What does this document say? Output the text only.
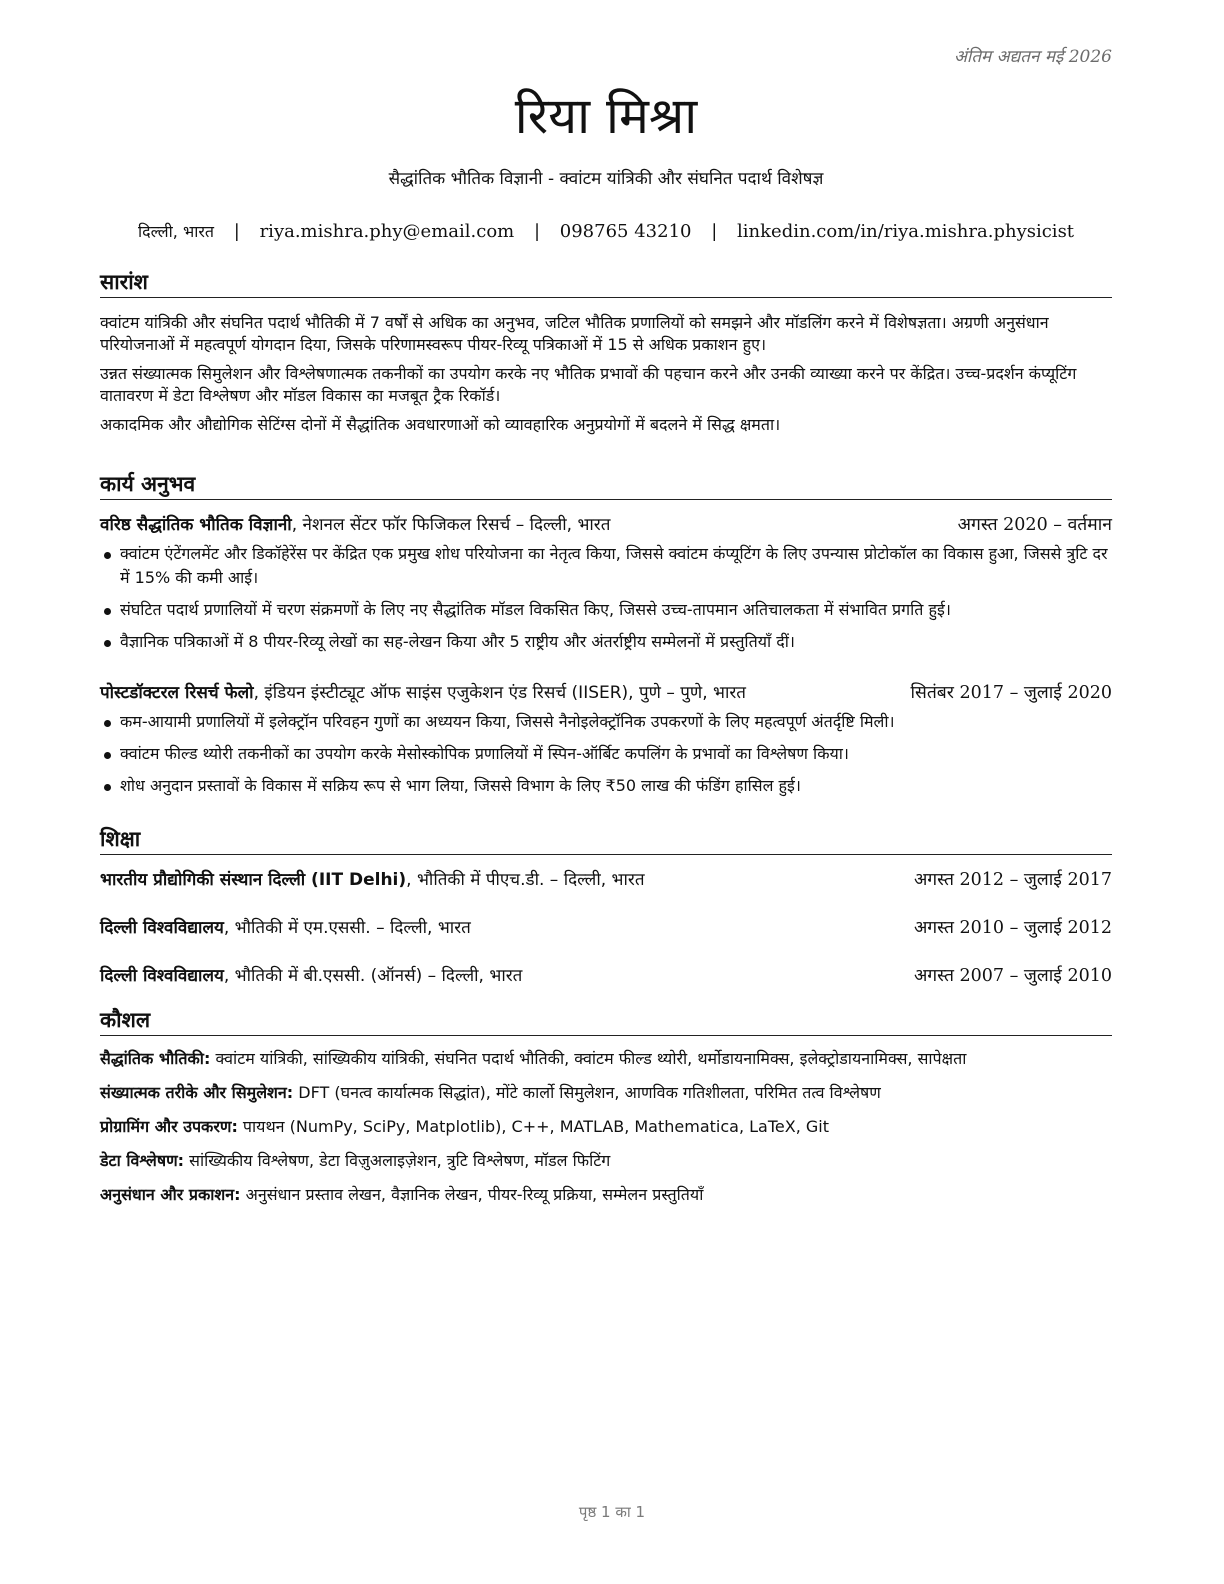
अंतिम अद्यतन मई 2026
रिया मिश्रा
सैद्धांतिक भौतिक विज्ञानी - क्वांटम यांत्रिकी और संघनित पदार्थ विशेषज्ञ
दिल्ली, भारत | riya.mishra.phy@email.com | 098765 43210 | linkedin.com/in/riya.mishra.physicist
सारांश

क्वांटम यांत्रिकी और संघनित पदार्थ भौतिकी में 7 वर्षों से अधिक का अनुभव, जटिल भौतिक प्रणालियों को समझने और मॉडलिंग करने में विशेषज्ञता। अग्रणी अनुसंधान परियोजनाओं में महत्वपूर्ण योगदान दिया, जिसके परिणामस्वरूप पीयर-रिव्यू पत्रिकाओं में 15 से अधिक प्रकाशन हुए।

उन्नत संख्यात्मक सिमुलेशन और विश्लेषणात्मक तकनीकों का उपयोग करके नए भौतिक प्रभावों की पहचान करने और उनकी व्याख्या करने पर केंद्रित। उच्च-प्रदर्शन कंप्यूटिंग वातावरण में डेटा विश्लेषण और मॉडल विकास का मजबूत ट्रैक रिकॉर्ड।

अकादमिक और औद्योगिक सेटिंग्स दोनों में सैद्धांतिक अवधारणाओं को व्यावहारिक अनुप्रयोगों में बदलने में सिद्ध क्षमता।

कार्य अनुभव
वरिष्ठ सैद्धांतिक भौतिक विज्ञानी, नेशनल सेंटर फॉर फिजिकल रिसर्च – दिल्ली, भारत	अगस्त 2020 – वर्तमान
क्वांटम एंटेंगलमेंट और डिकॉहेरेंस पर केंद्रित एक प्रमुख शोध परियोजना का नेतृत्व किया, जिससे क्वांटम कंप्यूटिंग के लिए उपन्यास प्रोटोकॉल का विकास हुआ, जिससे त्रुटि दर में 15% की कमी आई।
संघटित पदार्थ प्रणालियों में चरण संक्रमणों के लिए नए सैद्धांतिक मॉडल विकसित किए, जिससे उच्च-तापमान अतिचालकता में संभावित प्रगति हुई।
वैज्ञानिक पत्रिकाओं में 8 पीयर-रिव्यू लेखों का सह-लेखन किया और 5 राष्ट्रीय और अंतर्राष्ट्रीय सम्मेलनों में प्रस्तुतियाँ दीं।
पोस्टडॉक्टरल रिसर्च फेलो, इंडियन इंस्टीट्यूट ऑफ साइंस एजुकेशन एंड रिसर्च (IISER), पुणे – पुणे, भारत	सितंबर 2017 – जुलाई 2020
कम-आयामी प्रणालियों में इलेक्ट्रॉन परिवहन गुणों का अध्ययन किया, जिससे नैनोइलेक्ट्रॉनिक उपकरणों के लिए महत्वपूर्ण अंतर्दृष्टि मिली।
क्वांटम फील्ड थ्योरी तकनीकों का उपयोग करके मेसोस्कोपिक प्रणालियों में स्पिन-ऑर्बिट कपलिंग के प्रभावों का विश्लेषण किया।
शोध अनुदान प्रस्तावों के विकास में सक्रिय रूप से भाग लिया, जिससे विभाग के लिए ₹50 लाख की फंडिंग हासिल हुई।
शिक्षा
भारतीय प्रौद्योगिकी संस्थान दिल्ली (IIT Delhi), भौतिकी में पीएच.डी. – दिल्ली, भारत	अगस्त 2012 – जुलाई 2017
दिल्ली विश्वविद्यालय, भौतिकी में एम.एससी. – दिल्ली, भारत	अगस्त 2010 – जुलाई 2012
दिल्ली विश्वविद्यालय, भौतिकी में बी.एससी. (ऑनर्स) – दिल्ली, भारत	अगस्त 2007 – जुलाई 2010
कौशल
सैद्धांतिक भौतिकी: क्वांटम यांत्रिकी, सांख्यिकीय यांत्रिकी, संघनित पदार्थ भौतिकी, क्वांटम फील्ड थ्योरी, थर्मोडायनामिक्स, इलेक्ट्रोडायनामिक्स, सापेक्षता
संख्यात्मक तरीके और सिमुलेशन: DFT (घनत्व कार्यात्मक सिद्धांत), मोंटे कार्लो सिमुलेशन, आणविक गतिशीलता, परिमित तत्व विश्लेषण
प्रोग्रामिंग और उपकरण: पायथन (NumPy, SciPy, Matplotlib), C++, MATLAB, Mathematica, LaTeX, Git
डेटा विश्लेषण: सांख्यिकीय विश्लेषण, डेटा विज़ुअलाइज़ेशन, त्रुटि विश्लेषण, मॉडल फिटिंग
अनुसंधान और प्रकाशन: अनुसंधान प्रस्ताव लेखन, वैज्ञानिक लेखन, पीयर-रिव्यू प्रक्रिया, सम्मेलन प्रस्तुतियाँ
पृष्ठ 1 का 1
